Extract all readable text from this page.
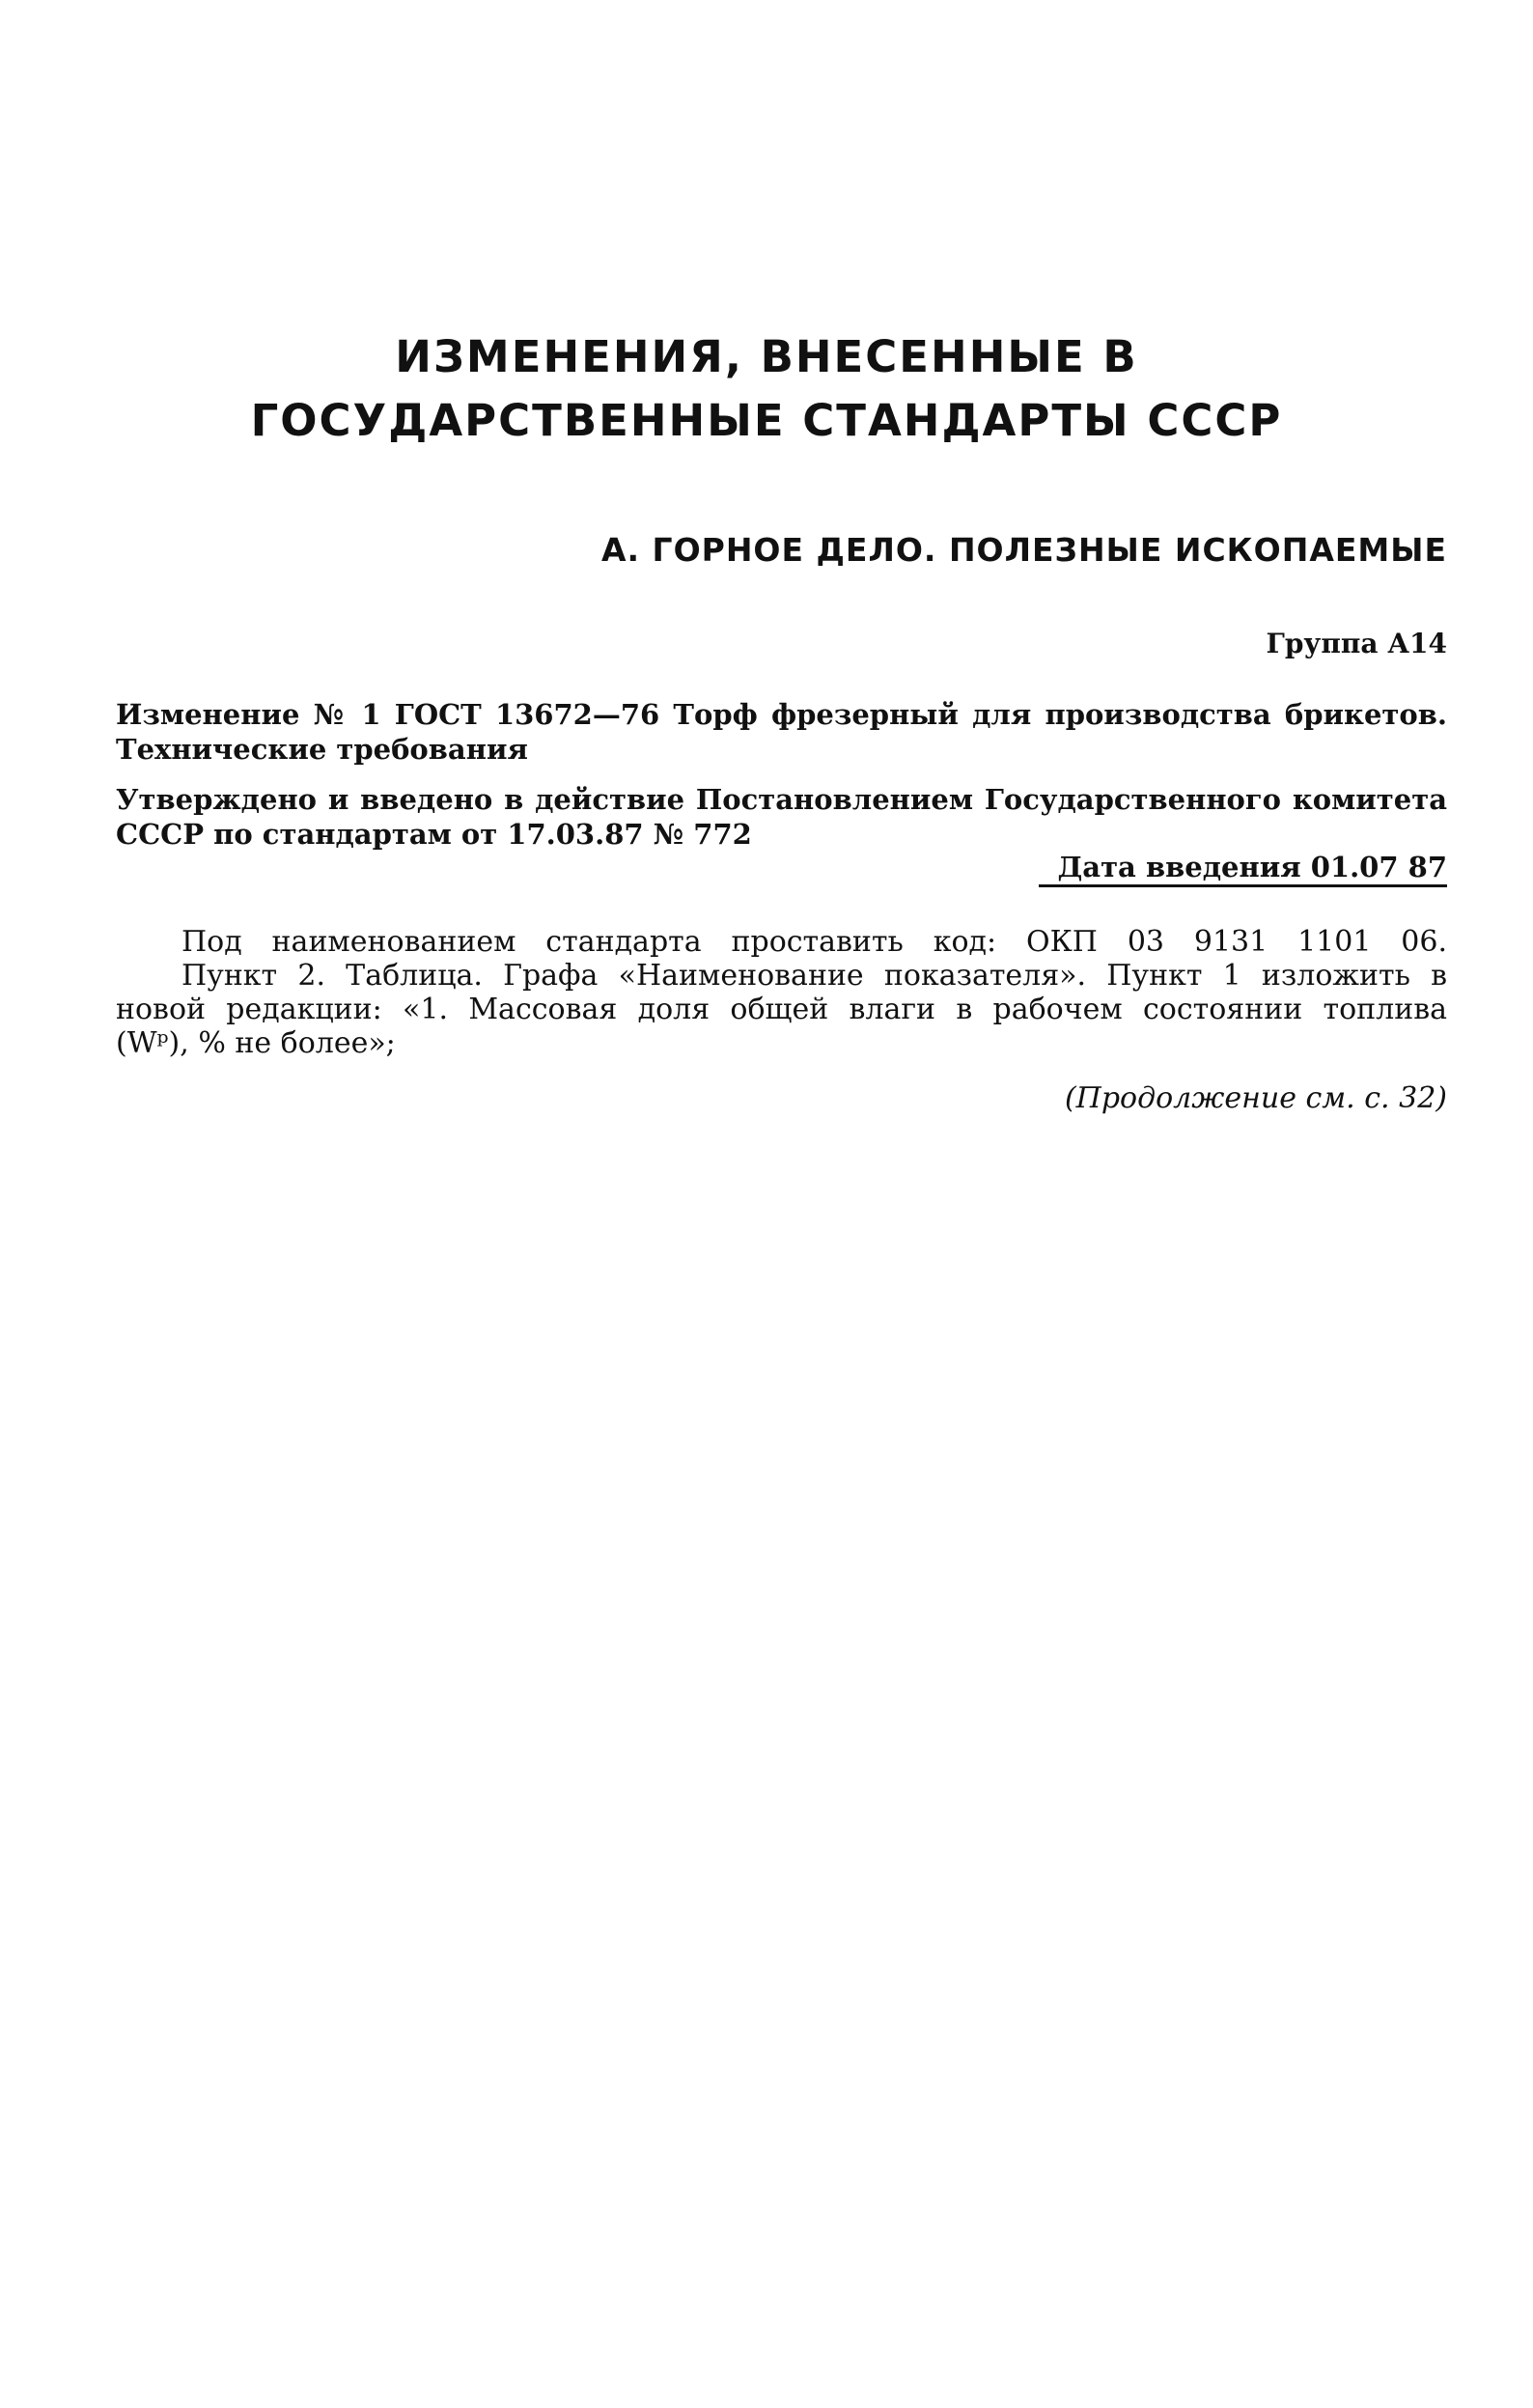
ИЗМЕНЕНИЯ, ВНЕСЕННЫЕ В
ГОСУДАРСТВЕННЫЕ СТАНДАРТЫ СССР
А. ГОРНОЕ ДЕЛО. ПОЛЕЗНЫЕ ИСКОПАЕМЫЕ
Группа А14
Изменение № 1 ГОСТ 13672—76 Торф фрезерный для производства брикетов.
Технические требования
Утверждено и введено в действие Постановлением Государственного комитета
СССР по стандартам от 17.03.87 № 772
Дата введения 01.07 87
Под наименованием стандарта проставить код: ОКП 03 9131 1101 06.
Пункт 2. Таблица. Графа «Наименование показателя». Пункт 1 изложить в
новой редакции: «1. Массовая доля общей влаги в рабочем состоянии топлива
(Wᵖ), % не более»;
(Продолжение см. с. 32)
